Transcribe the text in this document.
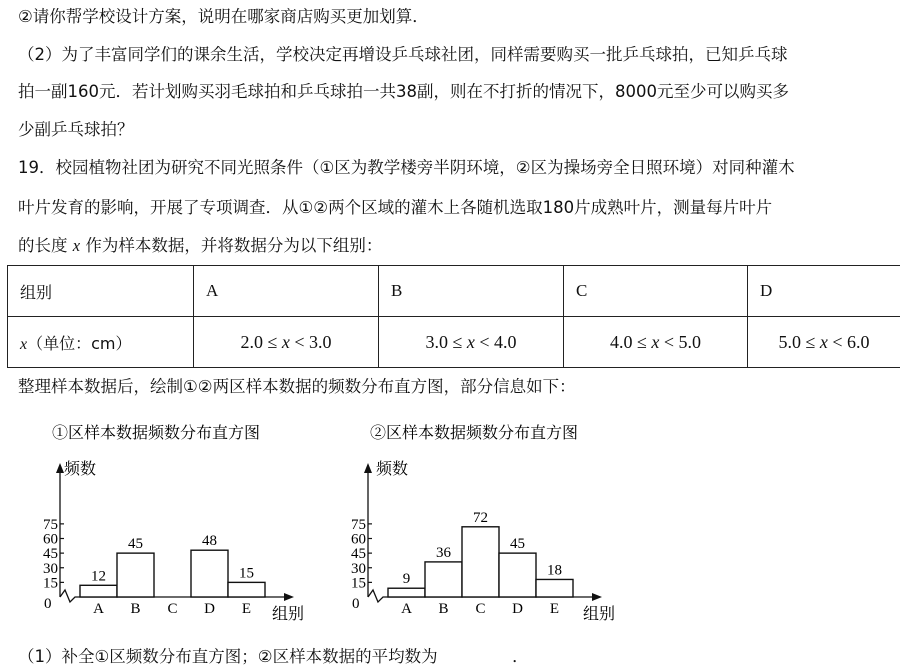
②请你帮学校设计方案，说明在哪家商店购买更加划算．
（2）为了丰富同学们的课余生活，学校决定再增设乒乓球社团，同样需要购买一批乒乓球拍，已知乒乓球
拍一副160元．若计划购买羽毛球拍和乒乓球拍一共38副，则在不打折的情况下，8000元至少可以购买多
少副乒乓球拍？
19．校园植物社团为研究不同光照条件（①区为教学楼旁半阴环境，②区为操场旁全日照环境）对同种灌木
叶片发育的影响，开展了专项调查．从①②两个区域的灌木上各随机选取180片成熟叶片，测量每片叶片
的长度 x 作为样本数据，并将数据分为以下组别：
组别	A	B	C	D
x（单位：cm）	2.0 ≤ x < 3.0	3.0 ≤ x < 4.0	4.0 ≤ x < 5.0	5.0 ≤ x < 6.0
整理样本数据后，绘制①②两区样本数据的频数分布直方图，部分信息如下：
①区样本数据频数分布直方图
频数
组别
0
15
30
45
60
75
A
12
B
45
C D
48
E
15
②区样本数据频数分布直方图
频数
组别
0
15
30
45
60
75
A
9
B
36
C
72
D
45
E
18
（1）补全①区频数分布直方图；②区样本数据的平均数为	．
